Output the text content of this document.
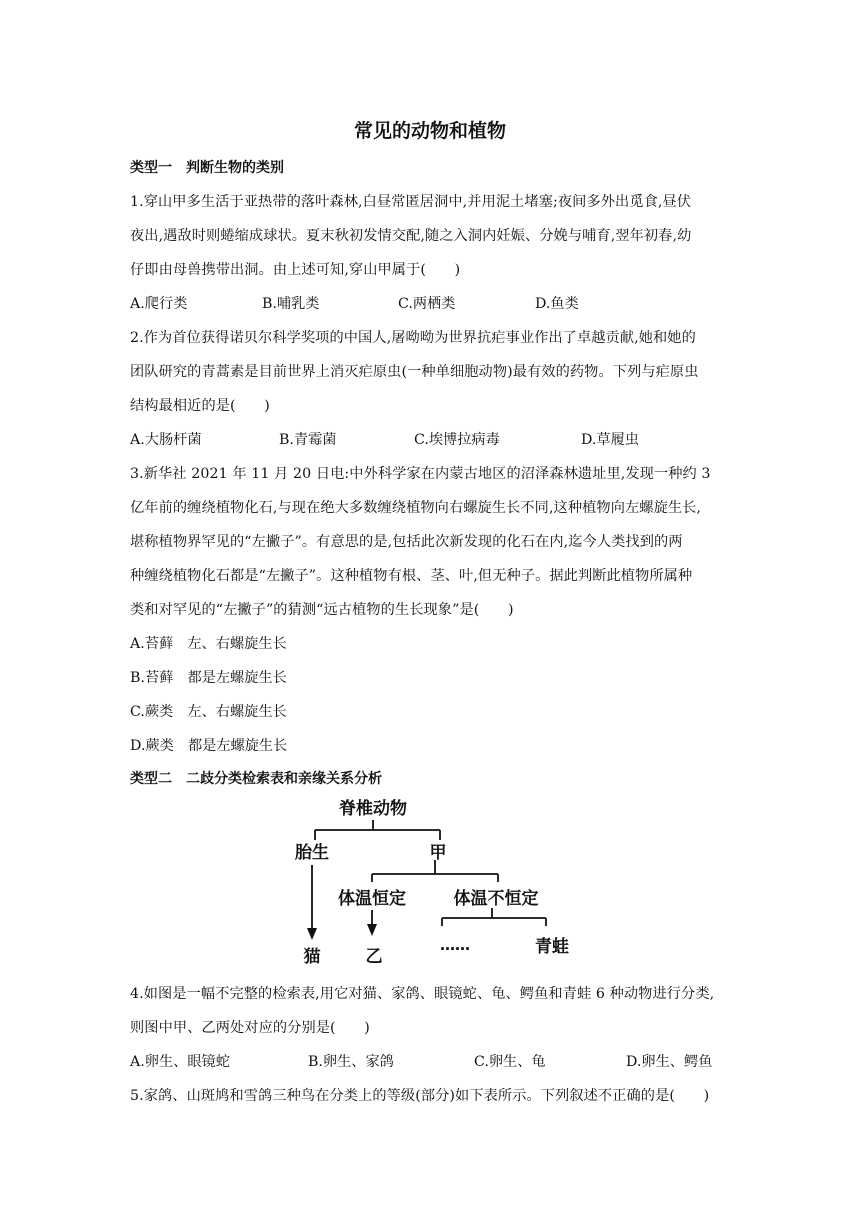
常见的动物和植物
类型一　判断生物的类别
1.穿山甲多生活于亚热带的落叶森林,白昼常匿居洞中,并用泥土堵塞;夜间多外出觅食,昼伏
夜出,遇敌时则蜷缩成球状。夏末秋初发情交配,随之入洞内妊娠、分娩与哺育,翌年初春,幼
仔即由母兽携带出洞。由上述可知,穿山甲属于(　　)
A.爬行类	B.哺乳类	C.两栖类	D.鱼类
2.作为首位获得诺贝尔科学奖项的中国人,屠呦呦为世界抗疟事业作出了卓越贡献,她和她的
团队研究的青蒿素是目前世界上消灭疟原虫(一种单细胞动物)最有效的药物。下列与疟原虫
结构最相近的是(　　)
A.大肠杆菌	B.青霉菌	C.埃博拉病毒	D.草履虫
3.新华社 2021 年 11 月 20 日电:中外科学家在内蒙古地区的沼泽森林遗址里,发现一种约 3
亿年前的缠绕植物化石,与现在绝大多数缠绕植物向右螺旋生长不同,这种植物向左螺旋生长,
堪称植物界罕见的“左撇子”。有意思的是,包括此次新发现的化石在内,迄今人类找到的两
种缠绕植物化石都是“左撇子”。这种植物有根、茎、叶,但无种子。据此判断此植物所属种
类和对罕见的“左撇子”的猜测“远古植物的生长现象”是(　　)
A.苔藓　左、右螺旋生长
B.苔藓　都是左螺旋生长
C.蕨类　左、右螺旋生长
D.蕨类　都是左螺旋生长
类型二　二歧分类检索表和亲缘关系分析
脊椎动物
胎生	甲
体温恒定	体温不恒定
猫	乙
……	青蛙
4.如图是一幅不完整的检索表,用它对猫、家鸽、眼镜蛇、龟、鳄鱼和青蛙 6 种动物进行分类,
则图中甲、乙两处对应的分别是(　　)
A.卵生、眼镜蛇	B.卵生、家鸽	C.卵生、龟	D.卵生、鳄鱼
5.家鸽、山斑鸠和雪鸽三种鸟在分类上的等级(部分)如下表所示。下列叙述不正确的是(　　)
